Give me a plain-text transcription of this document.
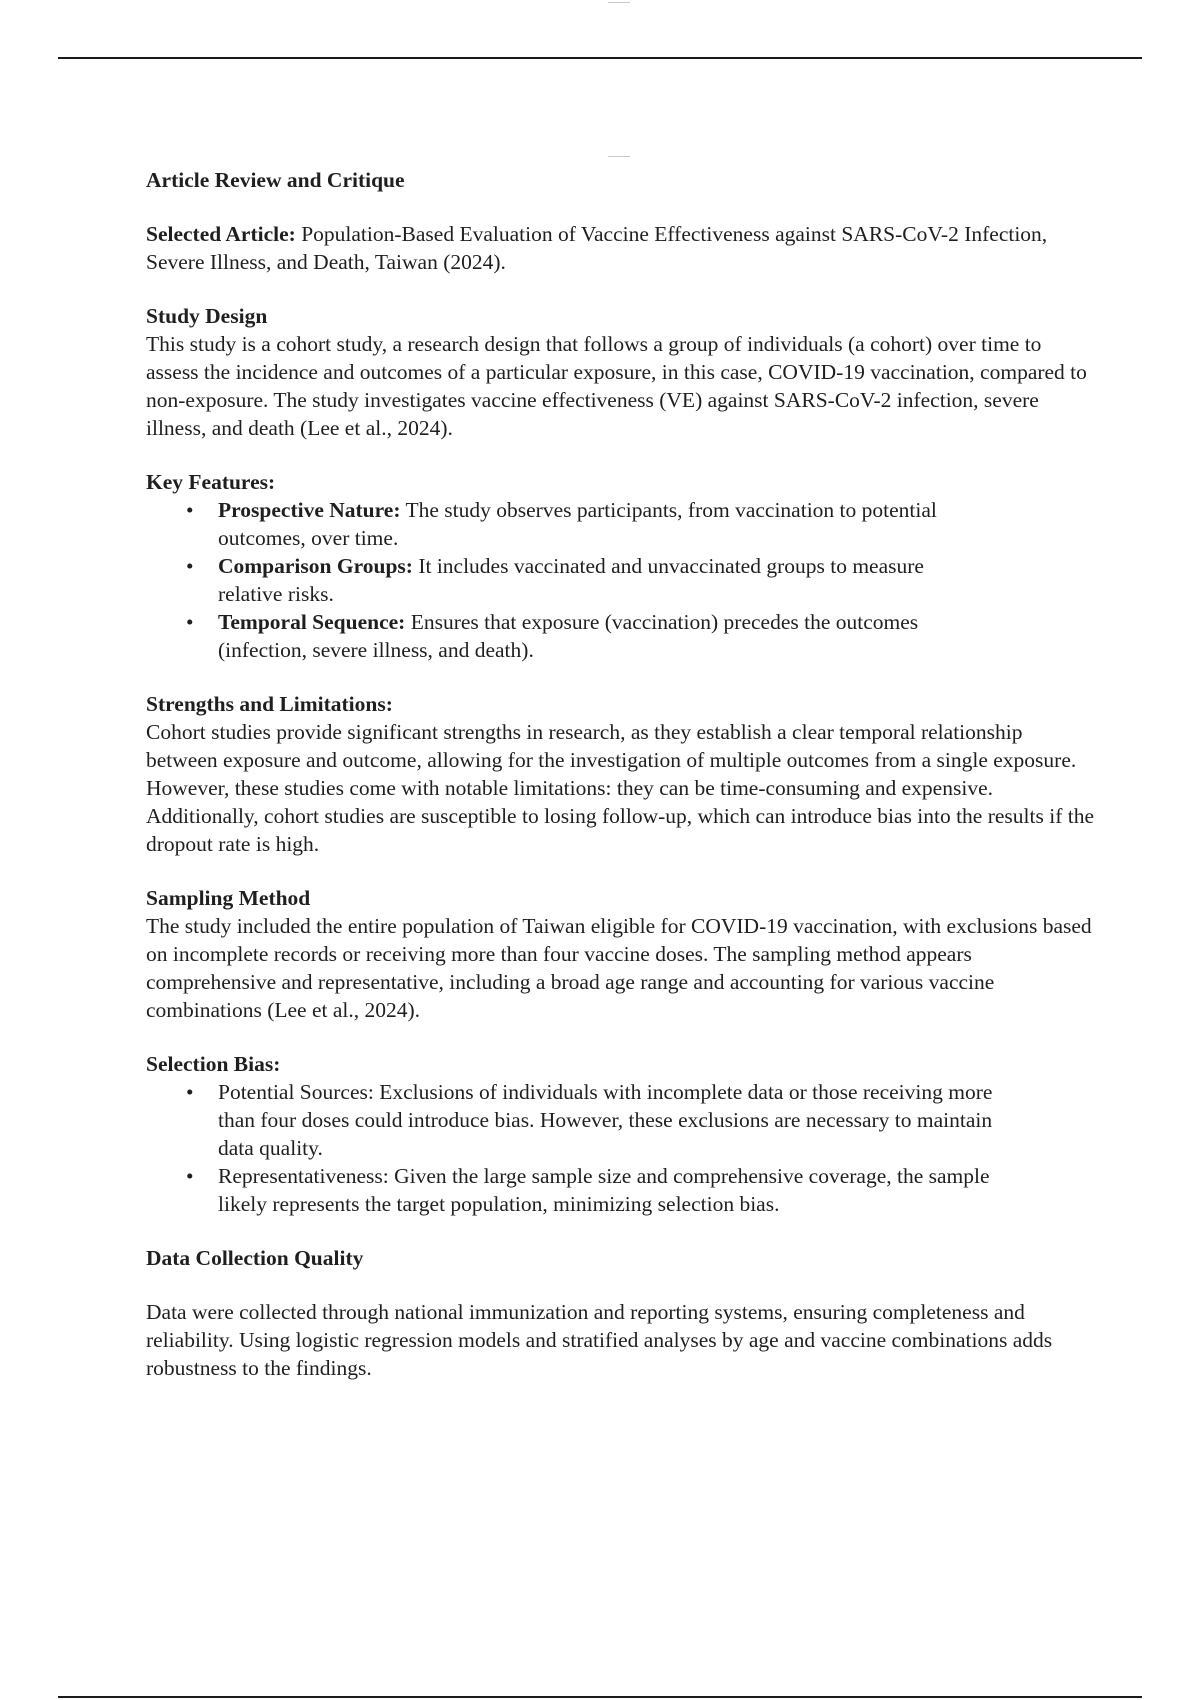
Article Review and Critique

Selected Article: Population-Based Evaluation of Vaccine Effectiveness against SARS-CoV-2 Infection, Severe Illness, and Death, Taiwan (2024).

Study Design

This study is a cohort study, a research design that follows a group of individuals (a cohort) over time to assess the incidence and outcomes of a particular exposure, in this case, COVID-19 vaccination, compared to non-exposure. The study investigates vaccine effectiveness (VE) against SARS-CoV-2 infection, severe illness, and death (Lee et al., 2024).

Key Features:

• Prospective Nature: The study observes participants, from vaccination to potential outcomes, over time.
• Comparison Groups: It includes vaccinated and unvaccinated groups to measure relative risks.
• Temporal Sequence: Ensures that exposure (vaccination) precedes the outcomes (infection, severe illness, and death).

Strengths and Limitations:

Cohort studies provide significant strengths in research, as they establish a clear temporal relationship between exposure and outcome, allowing for the investigation of multiple outcomes from a single exposure. However, these studies come with notable limitations: they can be time-consuming and expensive. Additionally, cohort studies are susceptible to losing follow-up, which can introduce bias into the results if the dropout rate is high.

Sampling Method

The study included the entire population of Taiwan eligible for COVID-19 vaccination, with exclusions based on incomplete records or receiving more than four vaccine doses. The sampling method appears comprehensive and representative, including a broad age range and accounting for various vaccine combinations (Lee et al., 2024).

Selection Bias:

• Potential Sources: Exclusions of individuals with incomplete data or those receiving more than four doses could introduce bias. However, these exclusions are necessary to maintain data quality.
• Representativeness: Given the large sample size and comprehensive coverage, the sample likely represents the target population, minimizing selection bias.

Data Collection Quality

Data were collected through national immunization and reporting systems, ensuring completeness and reliability. Using logistic regression models and stratified analyses by age and vaccine combinations adds robustness to the findings.
